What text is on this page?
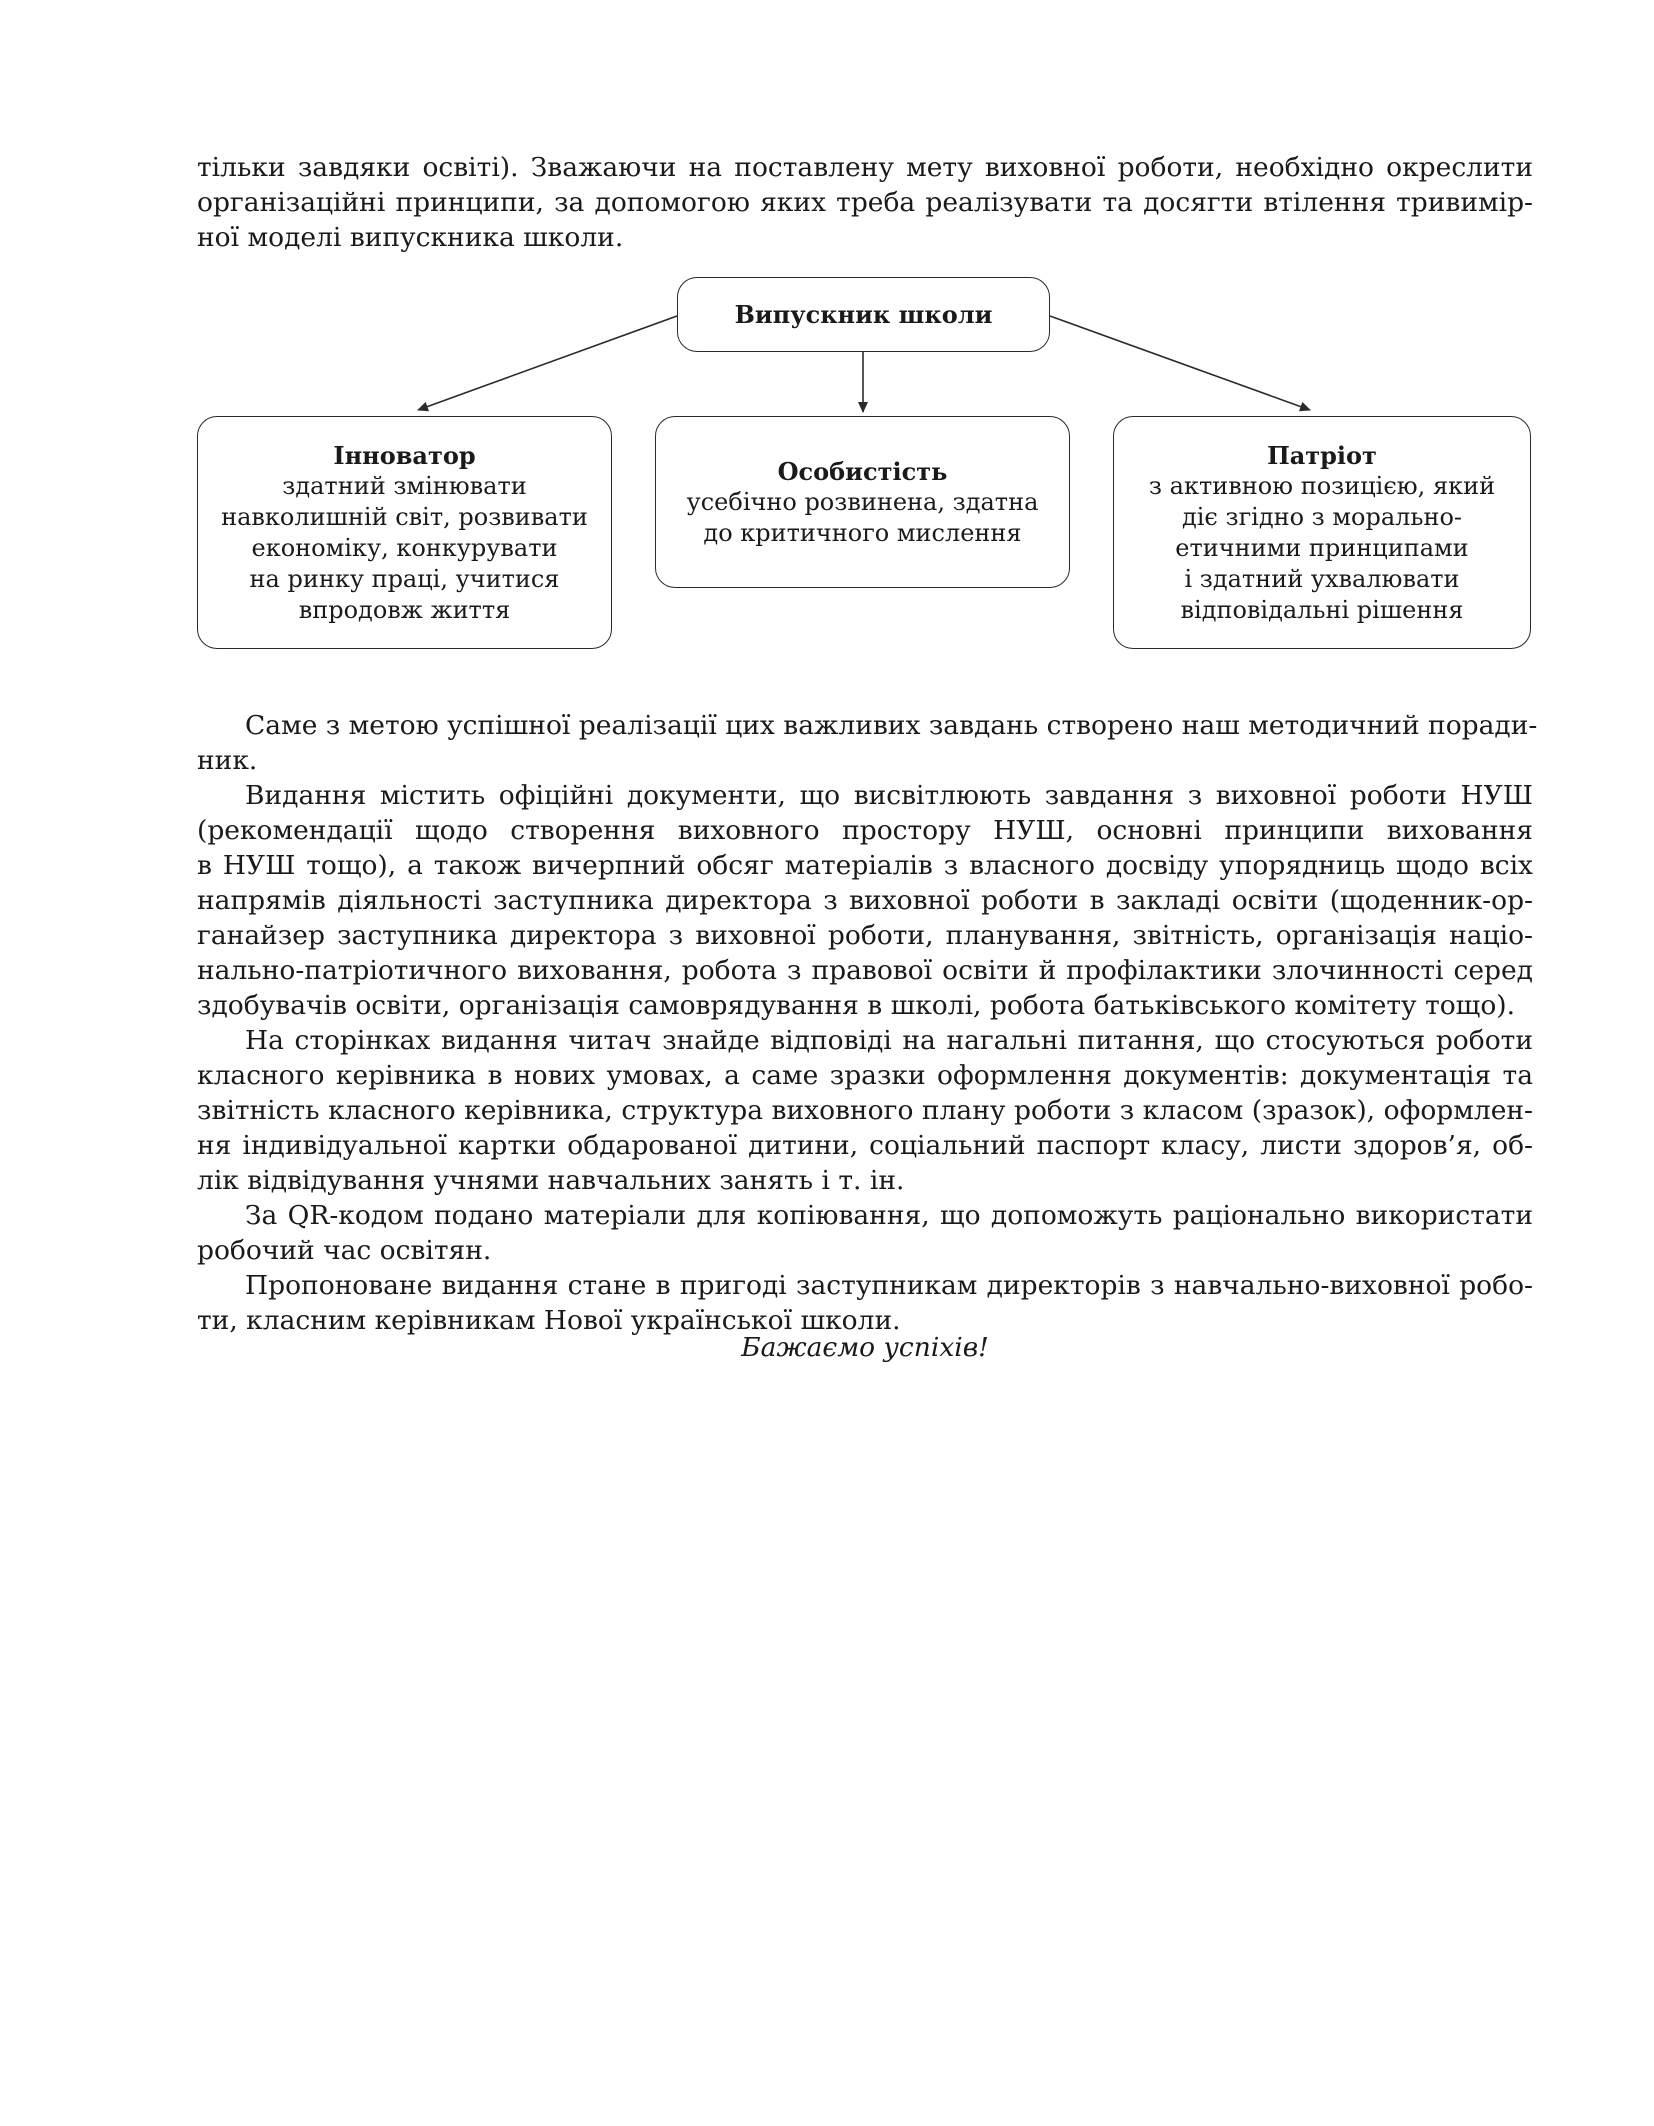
тільки завдяки освіті). Зважаючи на поставлену мету виховної роботи, необхідно окреслити
організаційні принципи, за допомогою яких треба реалізувати та досягти втілення тривимір-
ної моделі випускника школи.
Випускник школи
Інноватор
здатний змінювати
навколишній світ, розвивати
економіку, конкурувати
на ринку праці, учитися
впродовж життя
Особистість
усебічно розвинена, здатна
до критичного мислення
Патріот
з активною позицією, який
діє згідно з морально-
етичними принципами
і здатний ухвалювати
відповідальні рішення
Саме з метою успішної реалізації цих важливих завдань створено наш методичний поради-
ник.
Видання містить офіційні документи, що висвітлюють завдання з виховної роботи НУШ
(рекомендації щодо створення виховного простору НУШ, основні принципи виховання
в НУШ тощо), а також вичерпний обсяг матеріалів з власного досвіду упорядниць щодо всіх
напрямів діяльності заступника директора з виховної роботи в закладі освіти (щоденник-ор-
ганайзер заступника директора з виховної роботи, планування, звітність, організація націо-
нально-патріотичного виховання, робота з правової освіти й профілактики злочинності серед
здобувачів освіти, організація самоврядування в школі, робота батьківського комітету тощо).
На сторінках видання читач знайде відповіді на нагальні питання, що стосуються роботи
класного керівника в нових умовах, а саме зразки оформлення документів: документація та
звітність класного керівника, структура виховного плану роботи з класом (зразок), оформлен-
ня індивідуальної картки обдарованої дитини, соціальний паспорт класу, листи здоров’я, об-
лік відвідування учнями навчальних занять і т. ін.
За QR-кодом подано матеріали для копіювання, що допоможуть раціонально використати
робочий час освітян.
Пропоноване видання стане в пригоді заступникам директорів з навчально-виховної робо-
ти, класним керівникам Нової української школи.
Бажаємо успіхів!
